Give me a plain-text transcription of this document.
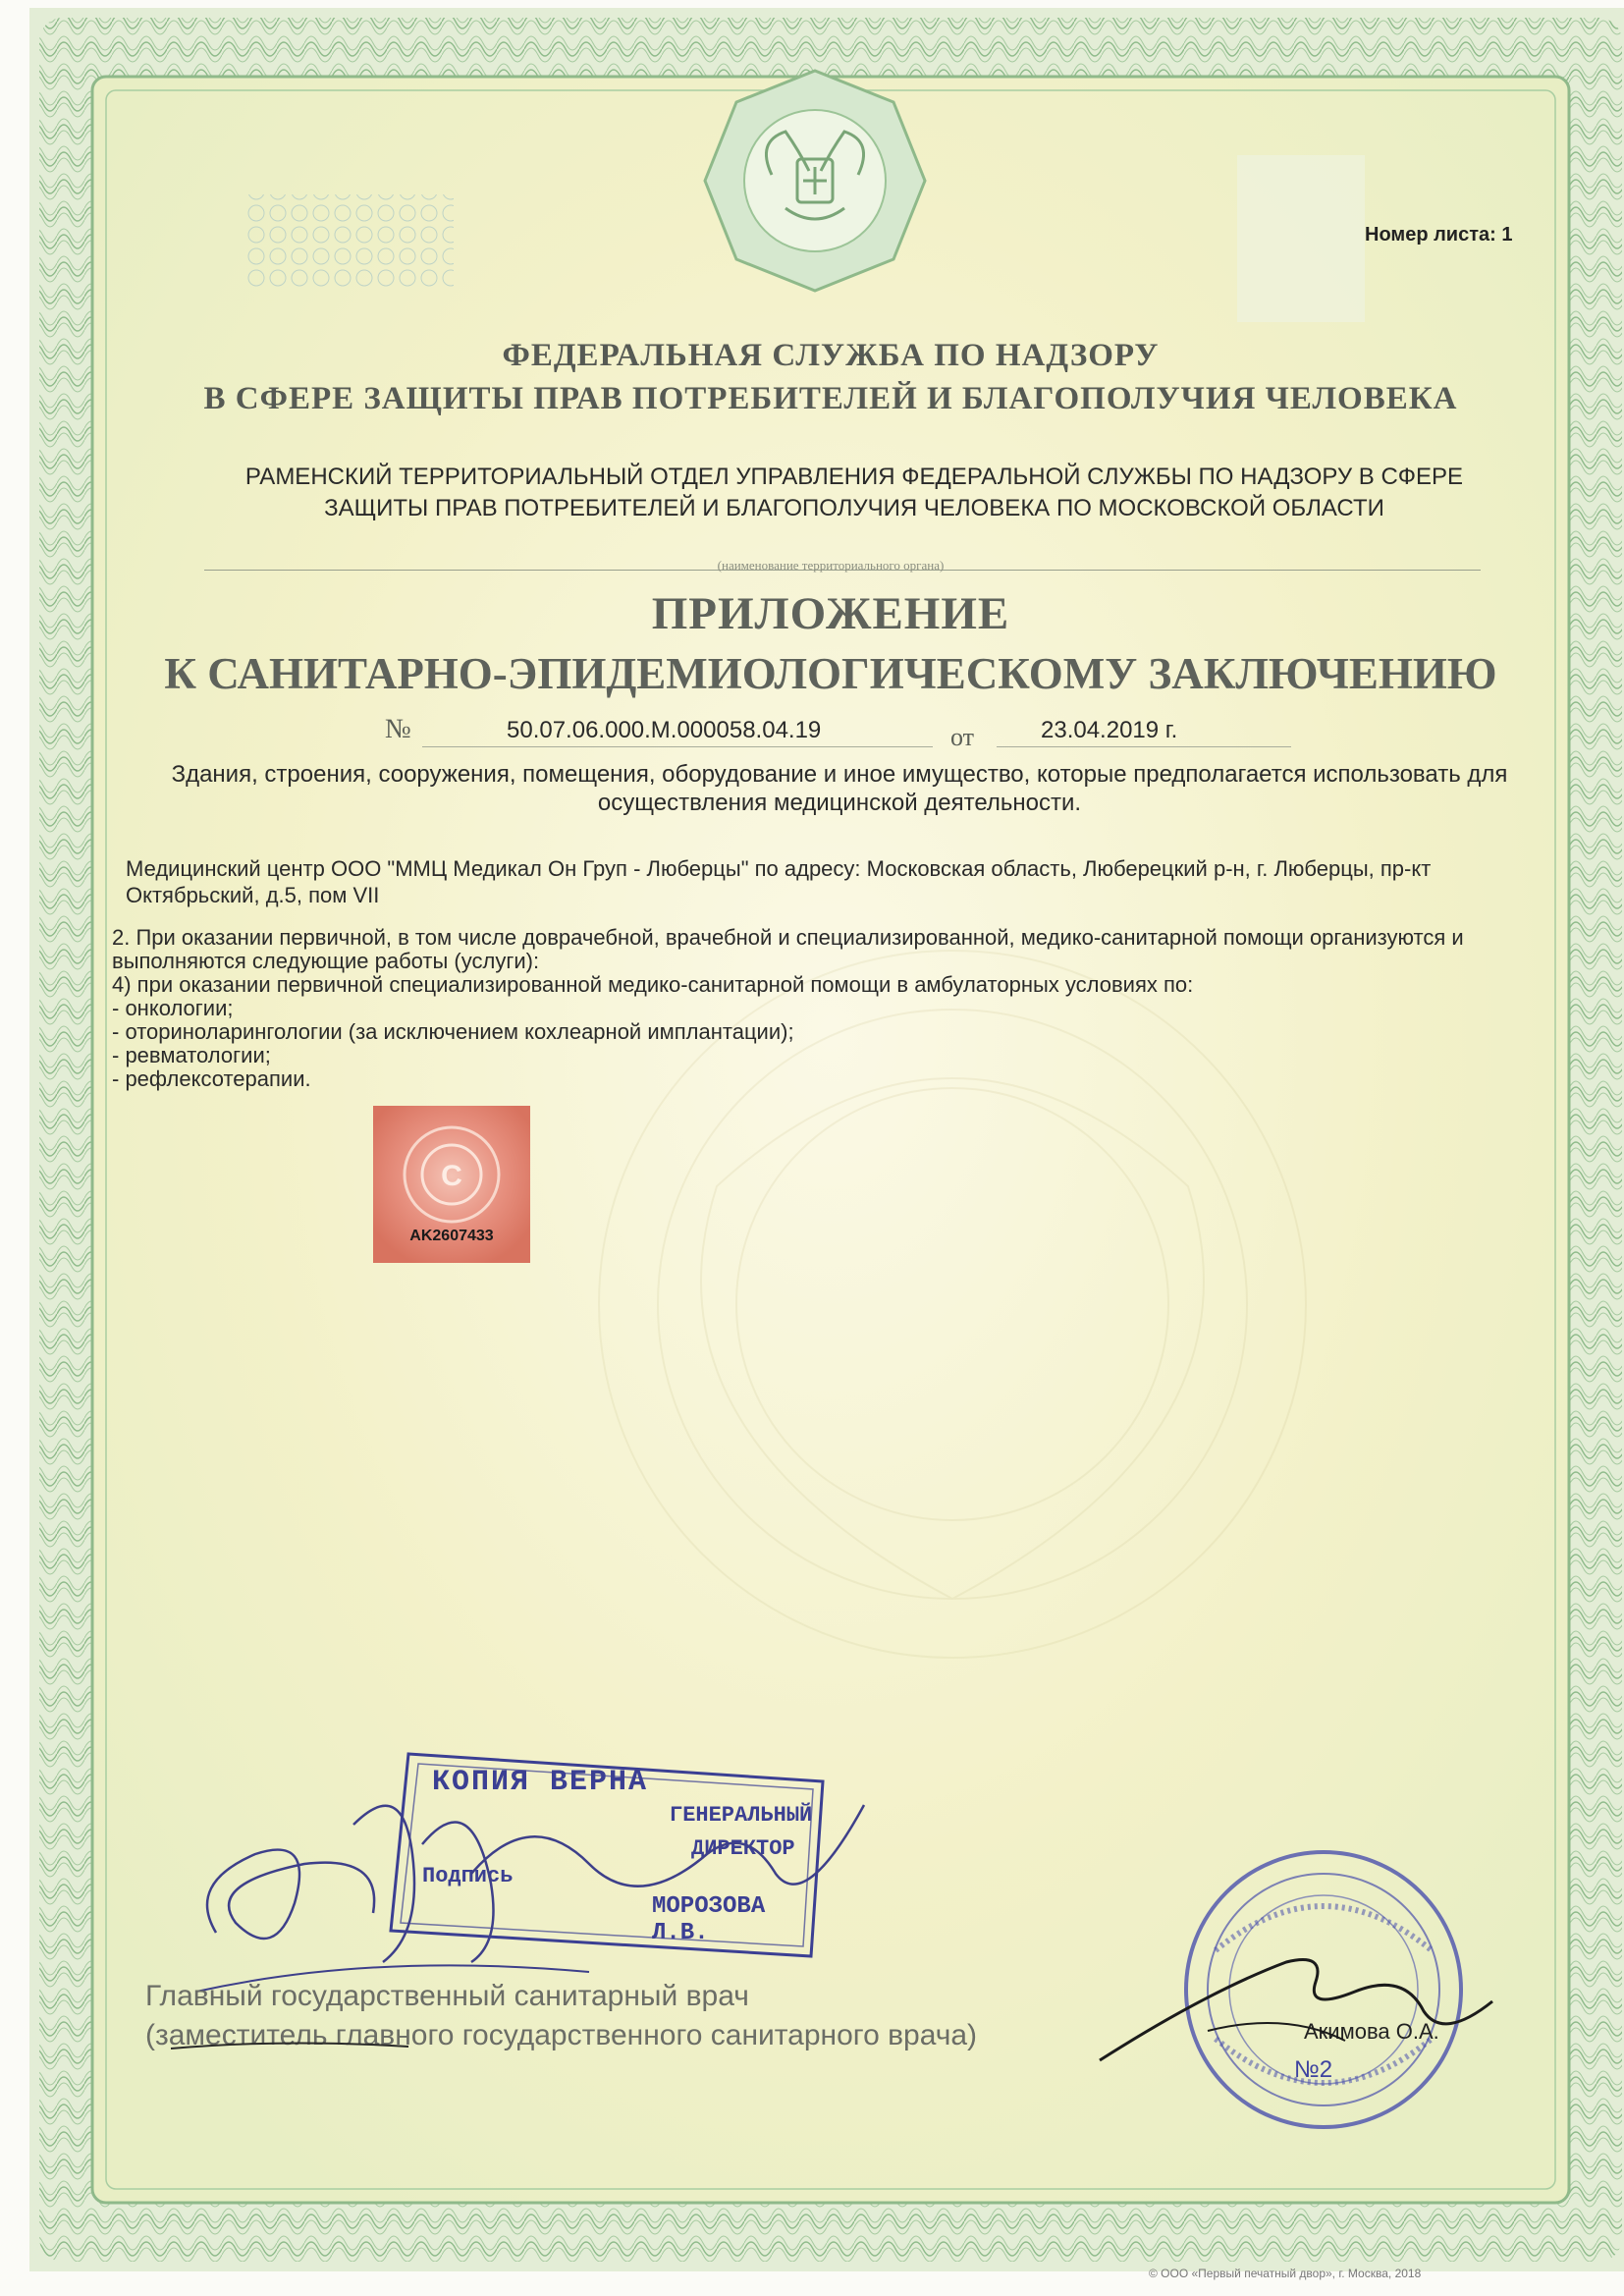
Номер листа: 1
ФЕДЕРАЛЬНАЯ СЛУЖБА ПО НАДЗОРУ
В СФЕРЕ ЗАЩИТЫ ПРАВ ПОТРЕБИТЕЛЕЙ И БЛАГОПОЛУЧИЯ ЧЕЛОВЕКА
РАМЕНСКИЙ ТЕРРИТОРИАЛЬНЫЙ ОТДЕЛ УПРАВЛЕНИЯ ФЕДЕРАЛЬНОЙ СЛУЖБЫ ПО НАДЗОРУ В СФЕРЕ
ЗАЩИТЫ ПРАВ ПОТРЕБИТЕЛЕЙ И БЛАГОПОЛУЧИЯ ЧЕЛОВЕКА ПО МОСКОВСКОЙ ОБЛАСТИ
(наименование территориального органа)
ПРИЛОЖЕНИЕ
К САНИТАРНО-ЭПИДЕМИОЛОГИЧЕСКОМУ ЗАКЛЮЧЕНИЮ
№	50.07.06.000.М.000058.04.19	от	23.04.2019 г.
Здания, строения, сооружения, помещения, оборудование и иное имущество, которые предполагается использовать для осуществления медицинской деятельности.
Медицинский центр ООО "ММЦ Медикал Он Груп - Люберцы" по адресу: Московская область, Люберецкий р-н, г. Люберцы, пр-кт Октябрьский, д.5, пом VII
2. При оказании первичной, в том числе доврачебной, врачебной и специализированной, медико-санитарной помощи организуются и выполняются следующие работы (услуги):
4) при оказании первичной специализированной медико-санитарной помощи в амбулаторных условиях по:
- онкологии;
- оториноларингологии (за исключением кохлеарной имплантации);
- ревматологии;
- рефлексотерапии.
C
AK2607433
КОПИЯ ВЕРНА
Подпись
ГЕНЕРАЛЬНЫЙ
ДИРЕКТОР
МОРОЗОВА Л.В.
Главный государственный санитарный врач
(заместитель главного государственного санитарного врача)	Акимова О.А.
№2
© ООО «Первый печатный двор», г. Москва, 2018
